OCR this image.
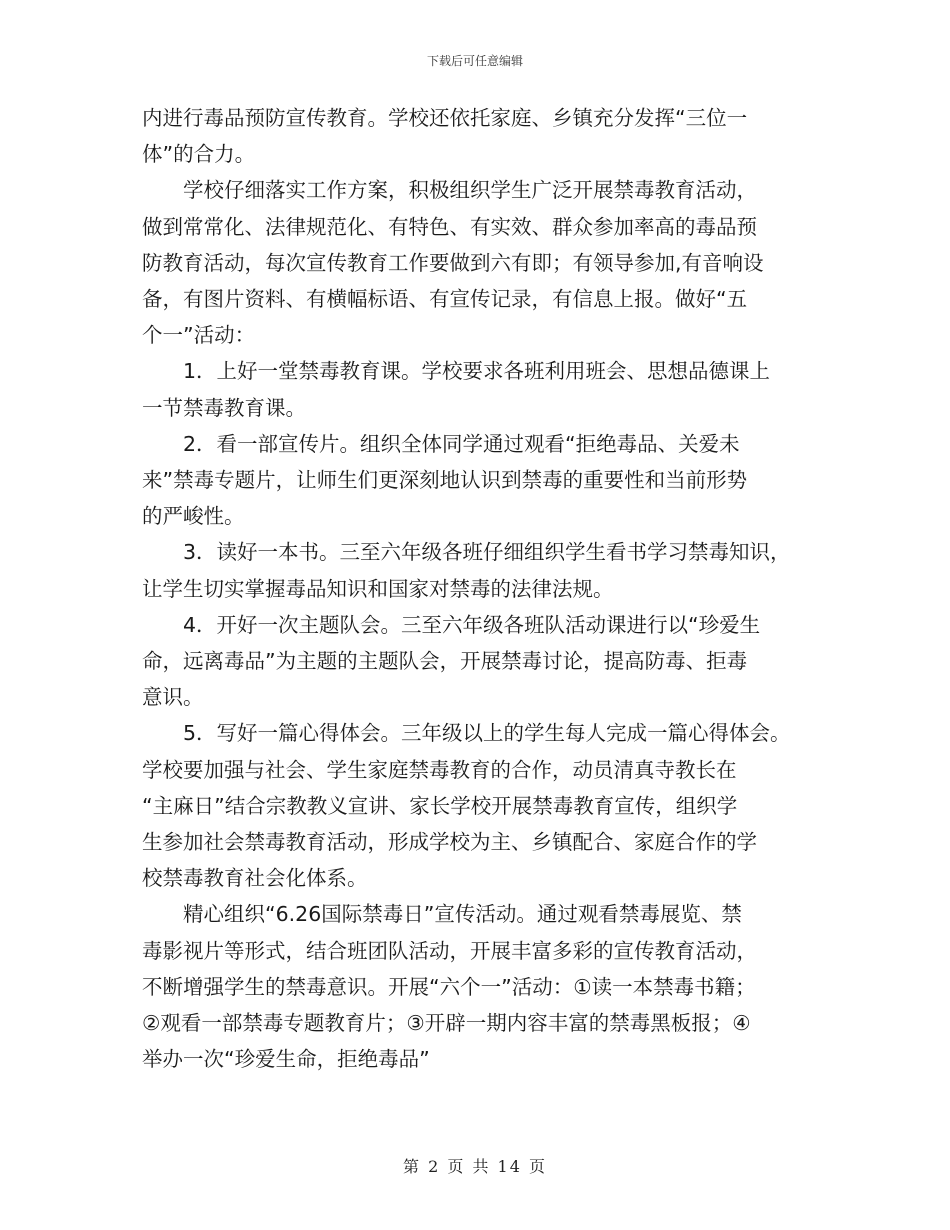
下载后可任意编辑

内进行毒品预防宣传教育。学校还依托家庭、乡镇充分发挥“三位一

体”的合力。

学校仔细落实工作方案，积极组织学生广泛开展禁毒教育活动，

做到常常化、法律规范化、有特色、有实效、群众参加率高的毒品预

防教育活动，每次宣传教育工作要做到六有即；有领导参加,有音响设

备，有图片资料、有横幅标语、有宣传记录，有信息上报。做好“五

个一”活动：

1．上好一堂禁毒教育课。学校要求各班利用班会、思想品德课上

一节禁毒教育课。

2．看一部宣传片。组织全体同学通过观看“拒绝毒品、关爱未

来”禁毒专题片，让师生们更深刻地认识到禁毒的重要性和当前形势

的严峻性。

3．读好一本书。三至六年级各班仔细组织学生看书学习禁毒知识，

让学生切实掌握毒品知识和国家对禁毒的法律法规。

4．开好一次主题队会。三至六年级各班队活动课进行以“珍爱生

命，远离毒品”为主题的主题队会，开展禁毒讨论，提高防毒、拒毒

意识。

5．写好一篇心得体会。三年级以上的学生每人完成一篇心得体会。

学校要加强与社会、学生家庭禁毒教育的合作，动员清真寺教长在

“主麻日”结合宗教教义宣讲、家长学校开展禁毒教育宣传，组织学

生参加社会禁毒教育活动，形成学校为主、乡镇配合、家庭合作的学

校禁毒教育社会化体系。

精心组织“6.26国际禁毒日”宣传活动。通过观看禁毒展览、禁

毒影视片等形式，结合班团队活动，开展丰富多彩的宣传教育活动，

不断增强学生的禁毒意识。开展“六个一”活动：①读一本禁毒书籍；

②观看一部禁毒专题教育片；③开辟一期内容丰富的禁毒黑板报；④

举办一次“珍爱生命，拒绝毒品”

第 2 页 共 14 页
